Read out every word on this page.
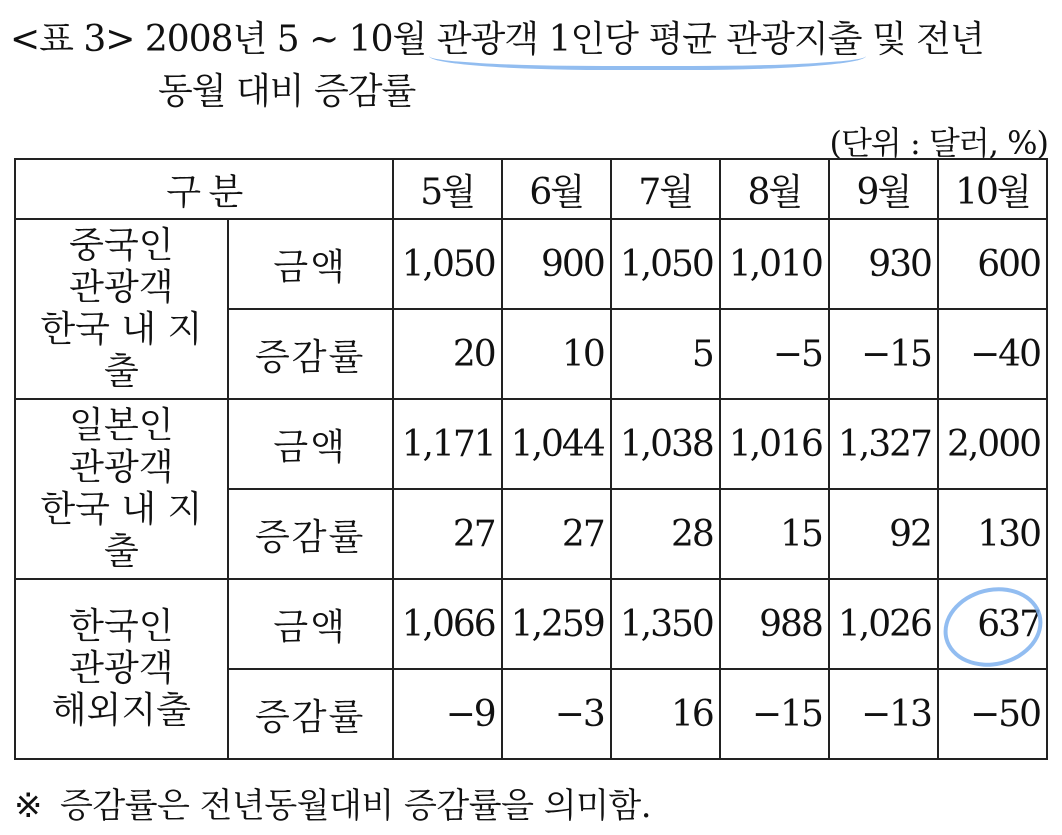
<표 3> 2008년 5 ~ 10월 관광객 1인당 평균 관광지출
및 전년
동월 대비 증감률
(단위 : 달러, %)
구 분		5월	6월	7월	8월	9월	10월

중국인
관광객
한국 내 지출	금액	1,050	900	1,050	1,010	930	600
	증감률	20	10	5	−5	−15	−40

일본인
관광객
한국 내 지출	금액	1,171	1,044	1,038	1,016	1,327	2,000
	증감률	27	27	28	15	92	130

한국인
관광객
해외지출	금액	1,066	1,259	1,350	988	1,026	637
	증감률	−9	−3	16	−15	−13	−50
※ 증감률은 전년동월대비 증감률을 의미함.
